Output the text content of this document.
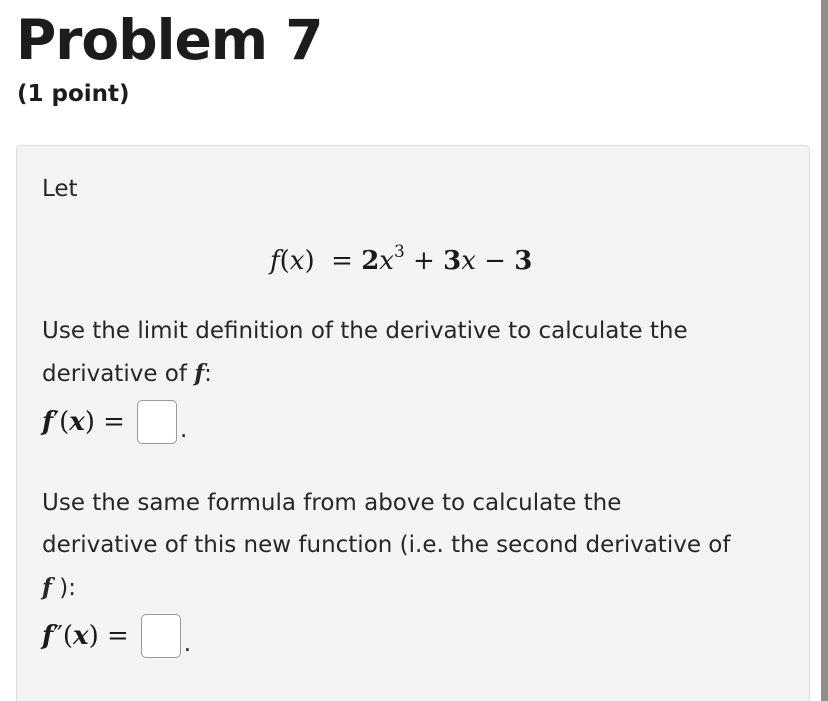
Problem 7
(1 point)
Let
$f(x) = 2x^3 + 3x - 3$
Use the limit definition of the derivative to calculate the
derivative of f:
f′(x) = .
Use the same formula from above to calculate the
derivative of this new function (i.e. the second derivative of
f ):
f″(x) = .
